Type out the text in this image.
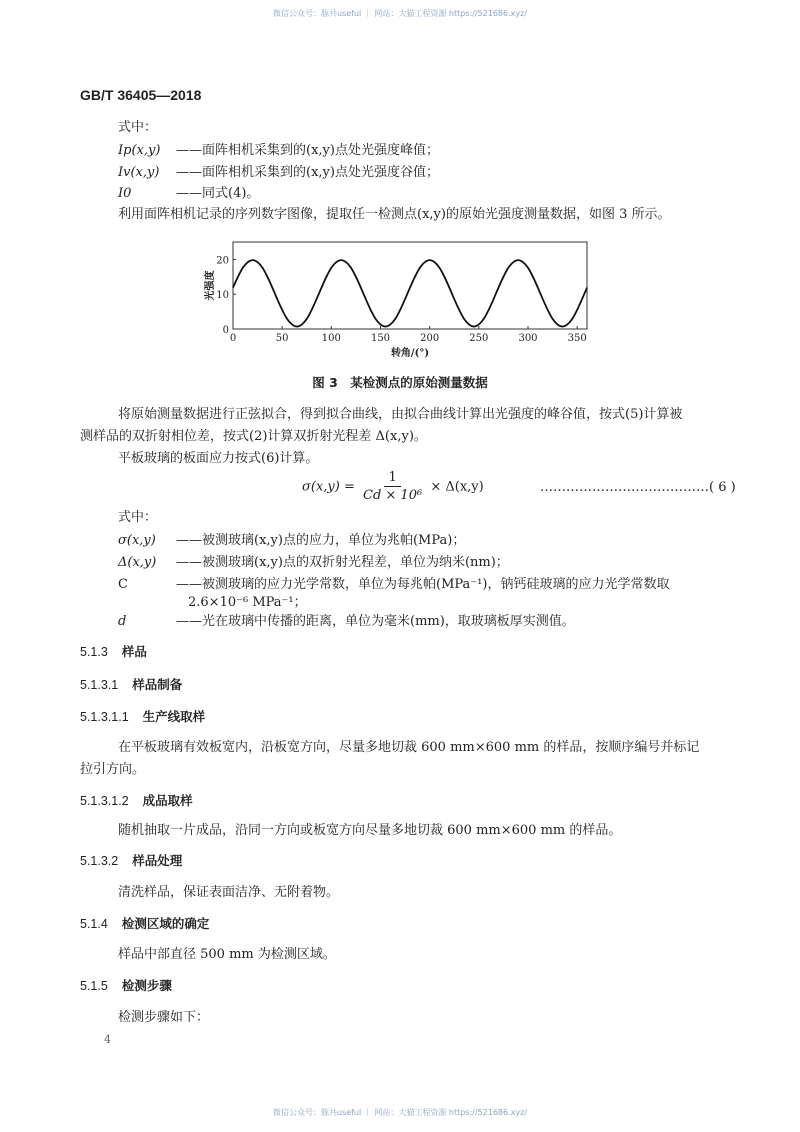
微信公众号：豚共useful ｜ 网站：大猫工程资源 https://521686.xyz/
GB/T 36405—2018
式中：
Ip(x,y) ——面阵相机采集到的(x,y)点处光强度峰值；
Iv(x,y) ——面阵相机采集到的(x,y)点处光强度谷值；
I0	——同式(4)。
利用面阵相机记录的序列数字图像，提取任一检测点(x,y)的原始光强度测量数据，如图 3 所示。
0	50	100	150	200	250	300	350
0
10
20
转角/(°)
光强度
图 3　某检测点的原始测量数据
将原始测量数据进行正弦拟合，得到拟合曲线，由拟合曲线计算出光强度的峰谷值，按式(5)计算被
测样品的双折射相位差，按式(2)计算双折射光程差 Δ(x,y)。
平板玻璃的板面应力按式(6)计算。
$\sigma(x,y) = \frac{1}{\text{Cd × 10⁶}} \times \Delta(x,y)$	…………………………………( 6 )
式中：
σ(x,y) ——被测玻璃(x,y)点的应力，单位为兆帕(MPa)；
Δ(x,y) ——被测玻璃(x,y)点的双折射光程差，单位为纳米(nm)；
C	——被测玻璃的应力光学常数，单位为每兆帕(MPa⁻¹)，钠钙硅玻璃的应力光学常数取
2.6×10⁻⁶ MPa⁻¹；
d	——光在玻璃中传播的距离，单位为毫米(mm)，取玻璃板厚实测值。
5.1.3 样品
5.1.3.1 样品制备
5.1.3.1.1 生产线取样
在平板玻璃有效板宽内，沿板宽方向，尽量多地切裁 600 mm×600 mm 的样品，按顺序编号并标记
拉引方向。
5.1.3.1.2 成品取样
随机抽取一片成品，沿同一方向或板宽方向尽量多地切裁 600 mm×600 mm 的样品。
5.1.3.2 样品处理
清洗样品，保证表面洁净、无附着物。
5.1.4 检测区域的确定
样品中部直径 500 mm 为检测区域。
5.1.5 检测步骤
检测步骤如下：
4
微信公众号：豚共useful ｜ 网站：大猫工程资源 https://521686.xyz/
